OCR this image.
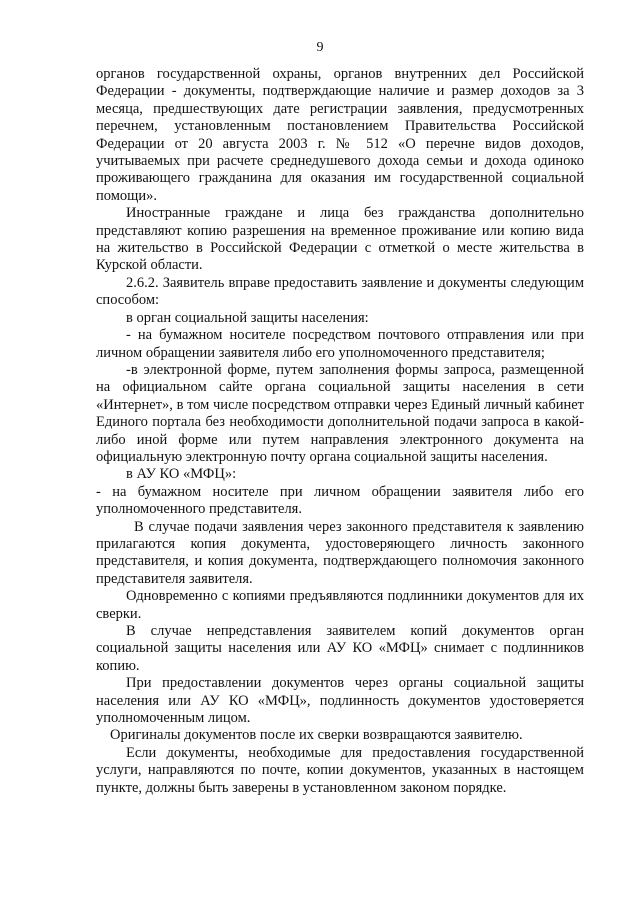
9

органов государственной охраны, органов внутренних дел Российской Федерации - документы, подтверждающие наличие и размер доходов за 3 месяца, предшествующих дате регистрации заявления, предусмотренных перечнем, установленным постановлением Правительства Российской Федерации от 20 августа 2003 г. № 512 «О перечне видов доходов, учитываемых при расчете среднедушевого дохода семьи и дохода одиноко проживающего гражданина для оказания им государственной социальной помощи».

Иностранные граждане и лица без гражданства дополнительно представляют копию разрешения на временное проживание или копию вида на жительство в Российской Федерации с отметкой о месте жительства в Курской области.

2.6.2. Заявитель вправе предоставить заявление и документы следующим способом:

в орган социальной защиты населения:

- на бумажном носителе посредством почтового отправления или при личном обращении заявителя либо его уполномоченного представителя;

-в электронной форме, путем заполнения формы запроса, размещенной на официальном сайте органа социальной защиты населения в сети «Интернет», в том числе посредством отправки через Единый личный кабинет Единого портала без необходимости дополнительной подачи запроса в какой-либо иной форме или путем направления электронного документа на официальную электронную почту органа социальной защиты населения.

в АУ КО «МФЦ»:

- на бумажном носителе при личном обращении заявителя либо его уполномоченного представителя.

В случае подачи заявления через законного представителя к заявлению прилагаются копия документа, удостоверяющего личность законного представителя, и копия документа, подтверждающего полномочия законного представителя заявителя.

Одновременно с копиями предъявляются подлинники документов для их сверки.

В случае непредставления заявителем копий документов орган социальной защиты населения или АУ КО «МФЦ» снимает с подлинников копию.

При предоставлении документов через органы социальной защиты населения или АУ КО «МФЦ», подлинность документов удостоверяется уполномоченным лицом.

Оригиналы документов после их сверки возвращаются заявителю.

Если документы, необходимые для предоставления государственной услуги, направляются по почте, копии документов, указанных в настоящем пункте, должны быть заверены в установленном законом порядке.
